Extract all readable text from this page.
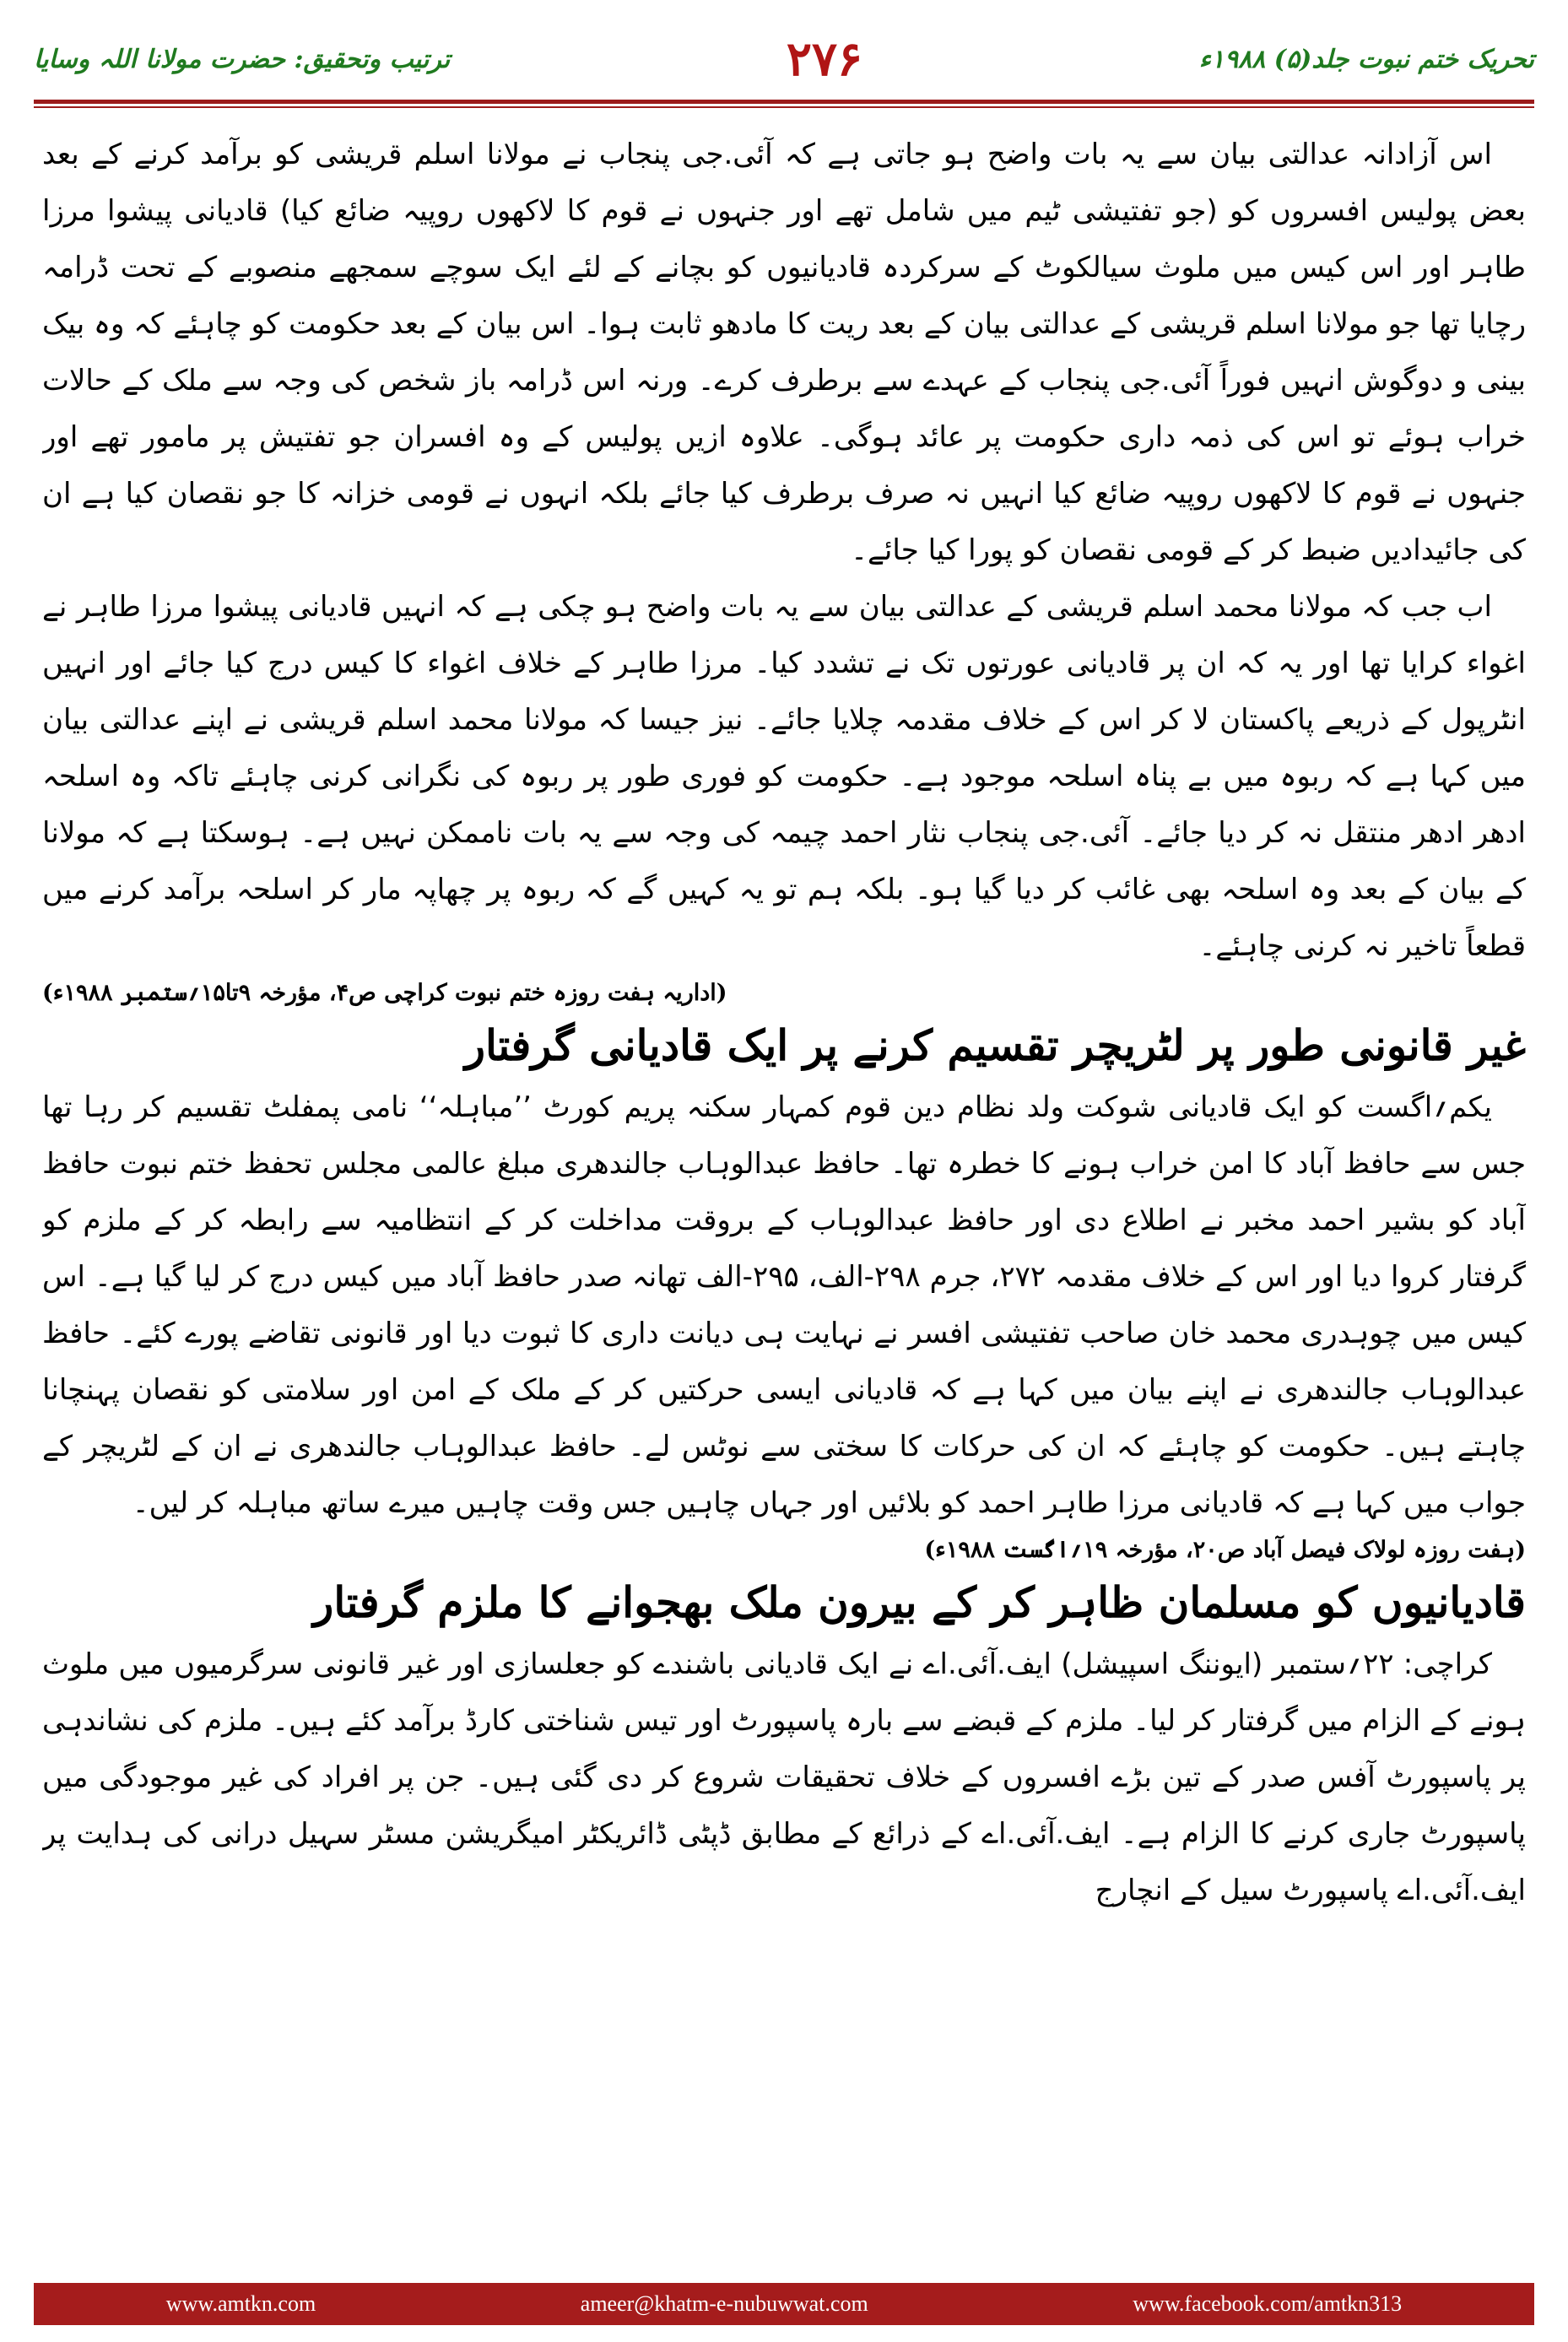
تحریک ختم نبوت جلد(۵) ۱۹۸۸ء
۲۷۶
ترتیب وتحقیق: حضرت مولانا اللہ وسایا

اس آزادانہ عدالتی بیان سے یہ بات واضح ہو جاتی ہے کہ آئی.جی پنجاب نے مولانا اسلم قریشی کو برآمد کرنے کے بعد بعض پولیس افسروں کو (جو تفتیشی ٹیم میں شامل تھے اور جنہوں نے قوم کا لاکھوں روپیہ ضائع کیا) قادیانی پیشوا مرزا طاہر اور اس کیس میں ملوث سیالکوٹ کے سرکردہ قادیانیوں کو بچانے کے لئے ایک سوچے سمجھے منصوبے کے تحت ڈرامہ رچایا تھا جو مولانا اسلم قریشی کے عدالتی بیان کے بعد ریت کا مادھو ثابت ہوا۔ اس بیان کے بعد حکومت کو چاہئے کہ وہ بیک بینی و دوگوش انہیں فوراً آئی.جی پنجاب کے عہدے سے برطرف کرے۔ ورنہ اس ڈرامہ باز شخص کی وجہ سے ملک کے حالات خراب ہوئے تو اس کی ذمہ داری حکومت پر عائد ہوگی۔ علاوہ ازیں پولیس کے وہ افسران جو تفتیش پر مامور تھے اور جنہوں نے قوم کا لاکھوں روپیہ ضائع کیا انہیں نہ صرف برطرف کیا جائے بلکہ انہوں نے قومی خزانہ کا جو نقصان کیا ہے ان کی جائیدادیں ضبط کر کے قومی نقصان کو پورا کیا جائے۔

اب جب کہ مولانا محمد اسلم قریشی کے عدالتی بیان سے یہ بات واضح ہو چکی ہے کہ انہیں قادیانی پیشوا مرزا طاہر نے اغواء کرایا تھا اور یہ کہ ان پر قادیانی عورتوں تک نے تشدد کیا۔ مرزا طاہر کے خلاف اغواء کا کیس درج کیا جائے اور انہیں انٹرپول کے ذریعے پاکستان لا کر اس کے خلاف مقدمہ چلایا جائے۔ نیز جیسا کہ مولانا محمد اسلم قریشی نے اپنے عدالتی بیان میں کہا ہے کہ ربوہ میں بے پناہ اسلحہ موجود ہے۔ حکومت کو فوری طور پر ربوہ کی نگرانی کرنی چاہئے تاکہ وہ اسلحہ ادھر ادھر منتقل نہ کر دیا جائے۔ آئی.جی پنجاب نثار احمد چیمہ کی وجہ سے یہ بات ناممکن نہیں ہے۔ ہوسکتا ہے کہ مولانا کے بیان کے بعد وہ اسلحہ بھی غائب کر دیا گیا ہو۔ بلکہ ہم تو یہ کہیں گے کہ ربوہ پر چھاپہ مار کر اسلحہ برآمد کرنے میں قطعاً تاخیر نہ کرنی چاہئے۔

(اداریہ ہفت روزہ ختم نبوت کراچی ص۴، مؤرخہ ۹تا۱۵؍ستمبر ۱۹۸۸ء)

غیر قانونی طور پر لٹریچر تقسیم کرنے پر ایک قادیانی گرفتار

یکم؍اگست کو ایک قادیانی شوکت ولد نظام دین قوم کمہار سکنہ پریم کورٹ ’’مباہلہ‘‘ نامی پمفلٹ تقسیم کر رہا تھا جس سے حافظ آباد کا امن خراب ہونے کا خطرہ تھا۔ حافظ عبدالوہاب جالندھری مبلغ عالمی مجلس تحفظ ختم نبوت حافظ آباد کو بشیر احمد مخبر نے اطلاع دی اور حافظ عبدالوہاب کے بروقت مداخلت کر کے انتظامیہ سے رابطہ کر کے ملزم کو گرفتار کروا دیا اور اس کے خلاف مقدمہ ۲۷۲، جرم ۲۹۸-الف، ۲۹۵-الف تھانہ صدر حافظ آباد میں کیس درج کر لیا گیا ہے۔ اس کیس میں چوہدری محمد خان صاحب تفتیشی افسر نے نہایت ہی دیانت داری کا ثبوت دیا اور قانونی تقاضے پورے کئے۔ حافظ عبدالوہاب جالندھری نے اپنے بیان میں کہا ہے کہ قادیانی ایسی حرکتیں کر کے ملک کے امن اور سلامتی کو نقصان پہنچانا چاہتے ہیں۔ حکومت کو چاہئے کہ ان کی حرکات کا سختی سے نوٹس لے۔ حافظ عبدالوہاب جالندھری نے ان کے لٹریچر کے جواب میں کہا ہے کہ قادیانی مرزا طاہر احمد کو بلائیں اور جہاں چاہیں جس وقت چاہیں میرے ساتھ مباہلہ کر لیں۔

(ہفت روزہ لولاک فیصل آباد ص۲۰، مؤرخہ ۱۹؍اگست ۱۹۸۸ء)

قادیانیوں کو مسلمان ظاہر کر کے بیرون ملک بھجوانے کا ملزم گرفتار

کراچی: ۲۲؍ستمبر (ایوننگ اسپیشل) ایف.آئی.اے نے ایک قادیانی باشندے کو جعلسازی اور غیر قانونی سرگرمیوں میں ملوث ہونے کے الزام میں گرفتار کر لیا۔ ملزم کے قبضے سے بارہ پاسپورٹ اور تیس شناختی کارڈ برآمد کئے ہیں۔ ملزم کی نشاندہی پر پاسپورٹ آفس صدر کے تین بڑے افسروں کے خلاف تحقیقات شروع کر دی گئی ہیں۔ جن پر افراد کی غیر موجودگی میں پاسپورٹ جاری کرنے کا الزام ہے۔ ایف.آئی.اے کے ذرائع کے مطابق ڈپٹی ڈائریکٹر امیگریشن مسٹر سہیل درانی کی ہدایت پر ایف.آئی.اے پاسپورٹ سیل کے انچارج

www.amtkn.com	ameer@khatm-e-nubuwwat.com	www.facebook.com/amtkn313
